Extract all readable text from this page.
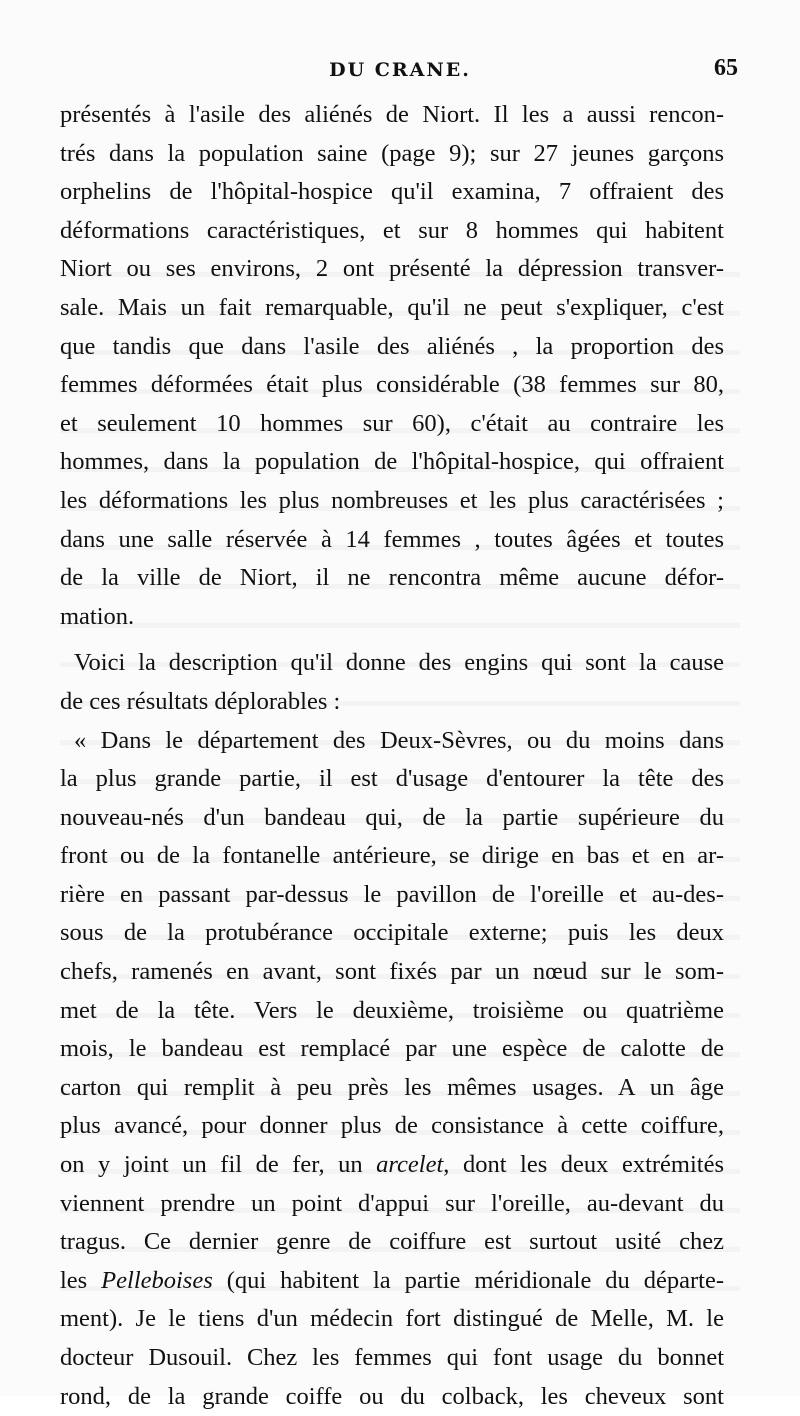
DU CRANE.	65
présentés à l'asile des aliénés de Niort. Il les a aussi rencon-
trés dans la population saine (page 9); sur 27 jeunes garçons
orphelins de l'hôpital-hospice qu'il examina, 7 offraient des
déformations caractéristiques, et sur 8 hommes qui habitent
Niort ou ses environs, 2 ont présenté la dépression transver-
sale. Mais un fait remarquable, qu'il ne peut s'expliquer, c'est
que tandis que dans l'asile des aliénés , la proportion des
femmes déformées était plus considérable (38 femmes sur 80,
et seulement 10 hommes sur 60), c'était au contraire les
hommes, dans la population de l'hôpital-hospice, qui offraient
les déformations les plus nombreuses et les plus caractérisées ;
dans une salle réservée à 14 femmes , toutes âgées et toutes
de la ville de Niort, il ne rencontra même aucune défor-
mation.
Voici la description qu'il donne des engins qui sont la cause
de ces résultats déplorables :
« Dans le département des Deux-Sèvres, ou du moins dans
la plus grande partie, il est d'usage d'entourer la tête des
nouveau-nés d'un bandeau qui, de la partie supérieure du
front ou de la fontanelle antérieure, se dirige en bas et en ar-
rière en passant par-dessus le pavillon de l'oreille et au-des-
sous de la protubérance occipitale externe; puis les deux
chefs, ramenés en avant, sont fixés par un nœud sur le som-
met de la tête. Vers le deuxième, troisième ou quatrième
mois, le bandeau est remplacé par une espèce de calotte de
carton qui remplit à peu près les mêmes usages. A un âge
plus avancé, pour donner plus de consistance à cette coiffure,
on y joint un fil de fer, un arcelet, dont les deux extrémités
viennent prendre un point d'appui sur l'oreille, au-devant du
tragus. Ce dernier genre de coiffure est surtout usité chez
les Pelleboises (qui habitent la partie méridionale du départe-
ment). Je le tiens d'un médecin fort distingué de Melle, M. le
docteur Dusouil. Chez les femmes qui font usage du bonnet
rond, de la grande coiffe ou du colback, les cheveux sont
